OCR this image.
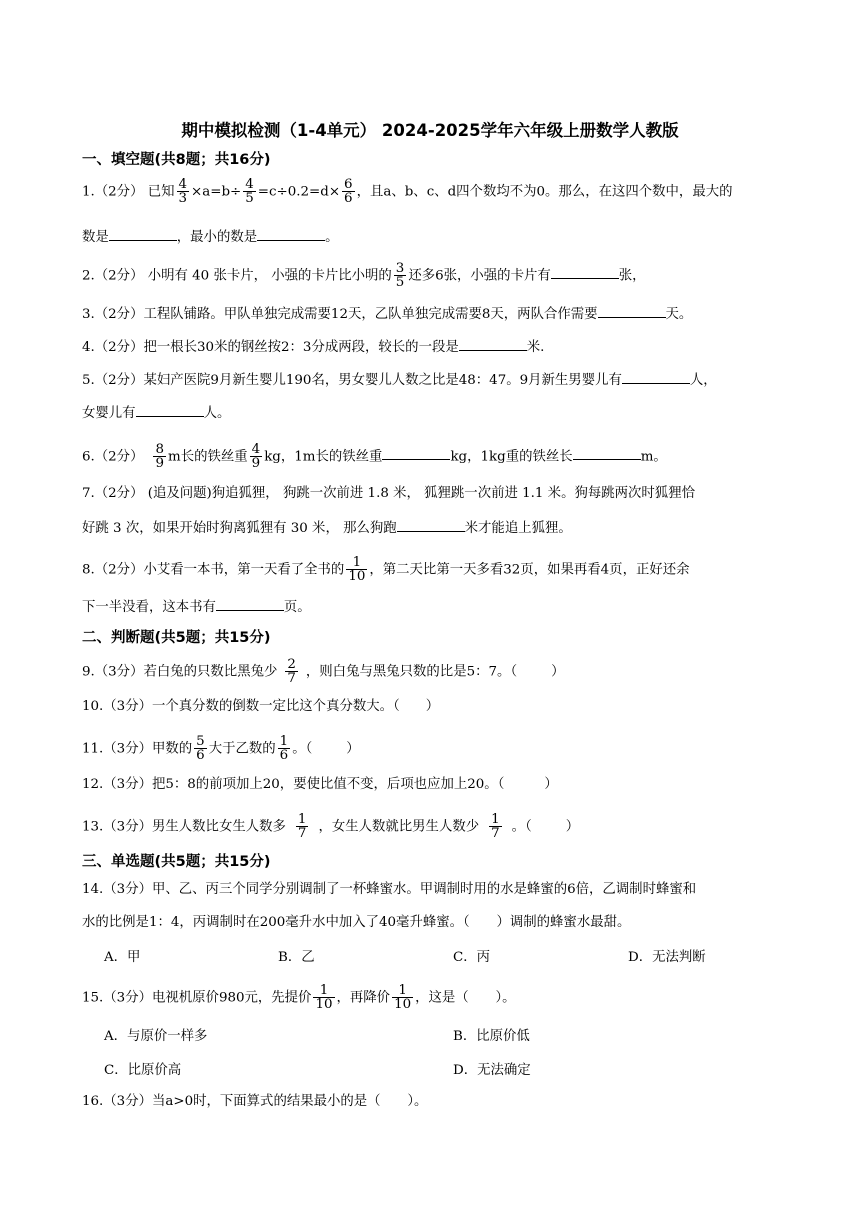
期中模拟检测（1-4单元） 2024-2025学年六年级上册数学人教版
一、填空题(共8题；共16分)
1.（2分） 已知 $\frac{4}{3} \times a=b\div \frac{4}{5} =c\div 0.2=d\times \frac{6}{6}$ ，且a、b、c、d四个数均不为0。那么，在这四个数中，最大的
数是	，最小的数是	。
2.（2分） 小明有 40 张卡片， 小强的卡片比小明的 $\frac{3}{5}$ 还多6张，小强的卡片有	张，
3.（2分）工程队铺路。甲队单独完成需要12天，乙队单独完成需要8天，两队合作需要	天。
4.（2分）把一根长30米的钢丝按2：3分成两段，较长的一段是	米.
5.（2分）某妇产医院9月新生婴儿190名，男女婴儿人数之比是48：47。9月新生男婴儿有	人，
女婴儿有	人。
6.（2分） $\frac{8}{9}$ m长的铁丝重 $\frac{4}{9}$ kg，1m长的铁丝重	kg，1kg重的铁丝长	m。
7.（2分） (追及问题)狗追狐狸， 狗跳一次前进 1.8 米， 狐狸跳一次前进 1.1 米。狗每跳两次时狐狸恰
好跳 3 次，如果开始时狗离狐狸有 30 米， 那么狗跑	米才能追上狐狸。
8.（2分）小艾看一本书，第一天看了全书的 $\frac{1}{10}$ ，第二天比第一天多看32页，如果再看4页，正好还余
下一半没看，这本书有	页。
二、判断题(共5题；共15分)
9.（3分）若白兔的只数比黑兔少 $\frac{2}{7}$ ，则白兔与黑兔只数的比是5：7。（	）
10.（3分）一个真分数的倒数一定比这个真分数大。（ ）
11.（3分）甲数的 $\frac{5}{6}$ 大于乙数的 $\frac{1}{6}$ 。（	）
12.（3分）把5：8的前项加上20，要使比值不变，后项也应加上20。（	）
13.（3分）男生人数比女生人数多 $\frac{1}{7}$ ，女生人数就比男生人数少 $\frac{1}{7}$ 。（	）
三、单选题(共5题；共15分)
14.（3分）甲、乙、丙三个同学分别调制了一杯蜂蜜水。甲调制时用的水是蜂蜜的6倍，乙调制时蜂蜜和
水的比例是1：4，丙调制时在200毫升水中加入了40毫升蜂蜜。（　　）调制的蜂蜜水最甜。
A．甲	B．乙	C．丙	D．无法判断
15.（3分）电视机原价980元，先提价 $\frac{1}{10}$ ，再降价 $\frac{1}{10}$ ，这是（　　）。
A．与原价一样多	B．比原价低
C．比原价高	D．无法确定
16.（3分）当a>0时，下面算式的结果最小的是（　　）。
